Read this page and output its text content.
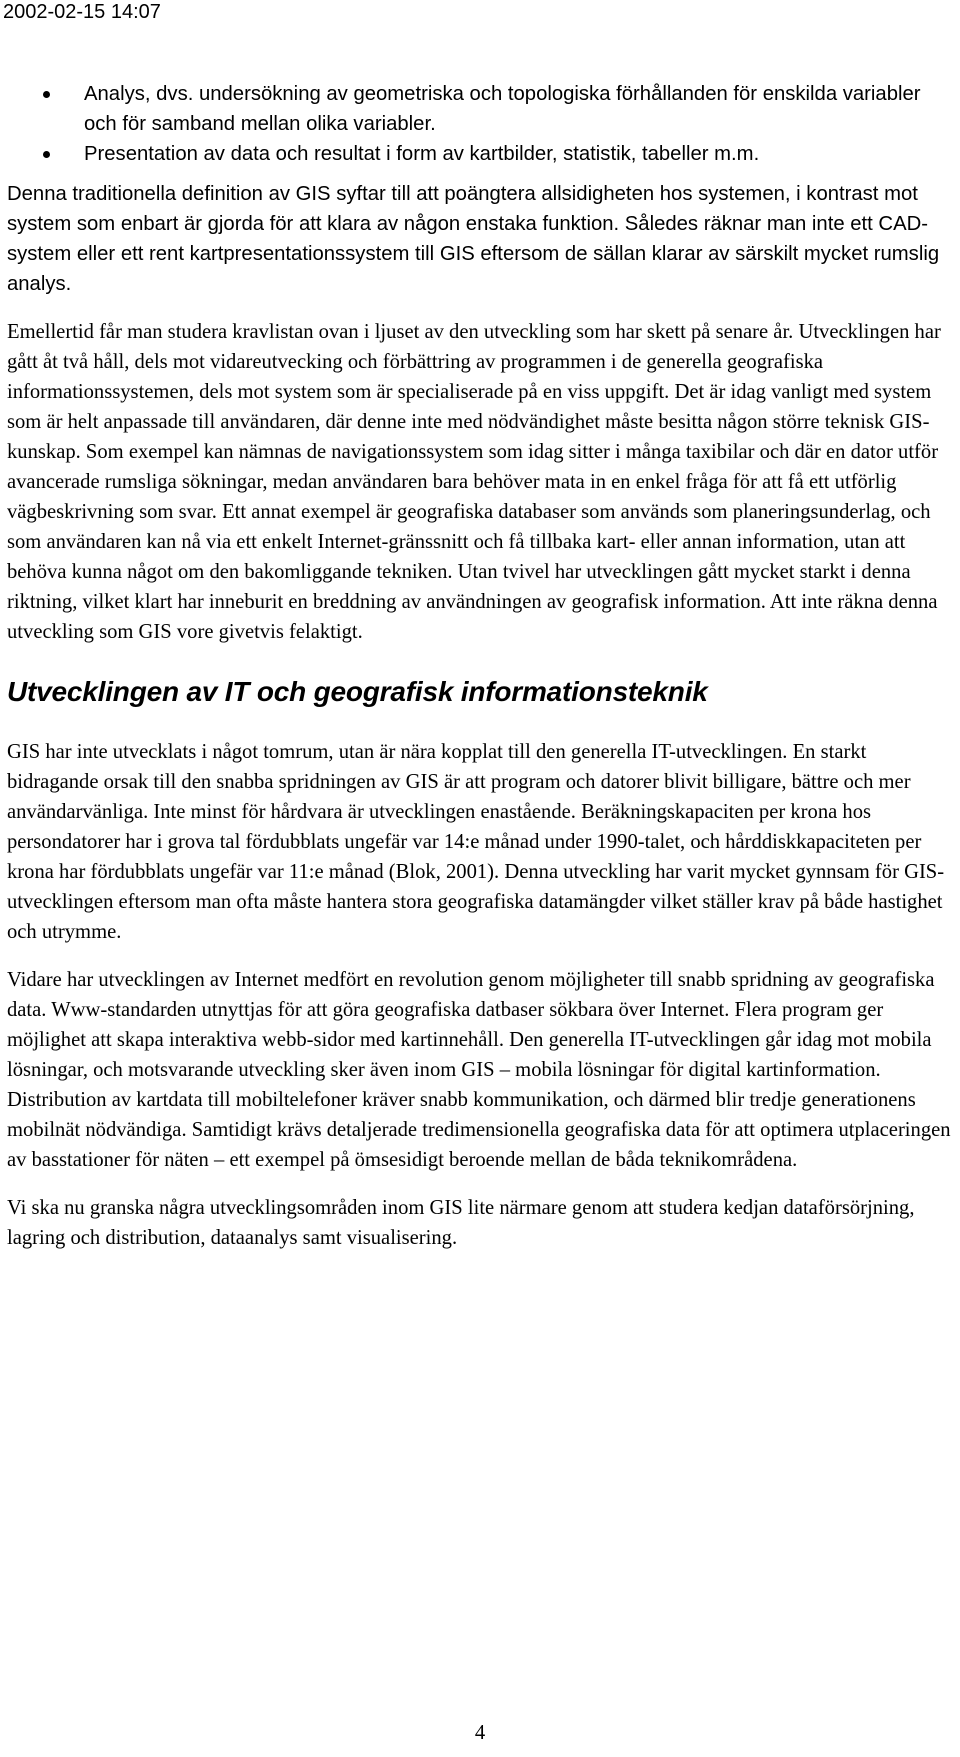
2002-02-15 14:07
Analys, dvs. undersökning av geometriska och topologiska förhållanden för enskilda variabler och för samband mellan olika variabler.
Presentation av data och resultat i form av kartbilder, statistik, tabeller m.m.

Denna traditionella definition av GIS syftar till att poängtera allsidigheten hos systemen, i kontrast mot system som enbart är gjorda för att klara av någon enstaka funktion. Således räknar man inte ett CAD-system eller ett rent kartpresentationssystem till GIS eftersom de sällan klarar av särskilt mycket rumslig analys.

Emellertid får man studera kravlistan ovan i ljuset av den utveckling som har skett på senare år. Utvecklingen har gått åt två håll, dels mot vidareutvecking och förbättring av programmen i de generella geografiska informationssystemen, dels mot system som är specialiserade på en viss uppgift. Det är idag vanligt med system som är helt anpassade till användaren, där denne inte med nödvändighet måste besitta någon större teknisk GIS-kunskap. Som exempel kan nämnas de navigationssystem som idag sitter i många taxibilar och där en dator utför avancerade rumsliga sökningar, medan användaren bara behöver mata in en enkel fråga för att få ett utförlig vägbeskrivning som svar. Ett annat exempel är geografiska databaser som används som planeringsunderlag, och som användaren kan nå via ett enkelt Internet-gränssnitt och få tillbaka kart- eller annan information, utan att behöva kunna något om den bakomliggande tekniken. Utan tvivel har utvecklingen gått mycket starkt i denna riktning, vilket klart har inneburit en breddning av användningen av geografisk information. Att inte räkna denna utveckling som GIS vore givetvis felaktigt.

Utvecklingen av IT och geografisk informationsteknik

GIS har inte utvecklats i något tomrum, utan är nära kopplat till den generella IT-utvecklingen. En starkt bidragande orsak till den snabba spridningen av GIS är att program och datorer blivit billigare, bättre och mer användarvänliga. Inte minst för hårdvara är utvecklingen enastående. Beräkningskapaciten per krona hos persondatorer har i grova tal fördubblats ungefär var 14:e månad under 1990-talet, och hårddiskkapaciteten per krona har fördubblats ungefär var 11:e månad (Blok, 2001). Denna utveckling har varit mycket gynnsam för GIS-utvecklingen eftersom man ofta måste hantera stora geografiska datamängder vilket ställer krav på både hastighet och utrymme.

Vidare har utvecklingen av Internet medfört en revolution genom möjligheter till snabb spridning av geografiska data. Www-standarden utnyttjas för att göra geografiska datbaser sökbara över Internet. Flera program ger möjlighet att skapa interaktiva webb-sidor med kartinnehåll. Den generella IT-utvecklingen går idag mot mobila lösningar, och motsvarande utveckling sker även inom GIS – mobila lösningar för digital kartinformation. Distribution av kartdata till mobiltelefoner kräver snabb kommunikation, och därmed blir tredje generationens mobilnät nödvändiga. Samtidigt krävs detaljerade tredimensionella geografiska data för att optimera utplaceringen av basstationer för näten – ett exempel på ömsesidigt beroende mellan de båda teknikområdena.

Vi ska nu granska några utvecklingsområden inom GIS lite närmare genom att studera kedjan dataförsörjning, lagring och distribution, dataanalys samt visualisering.

4
